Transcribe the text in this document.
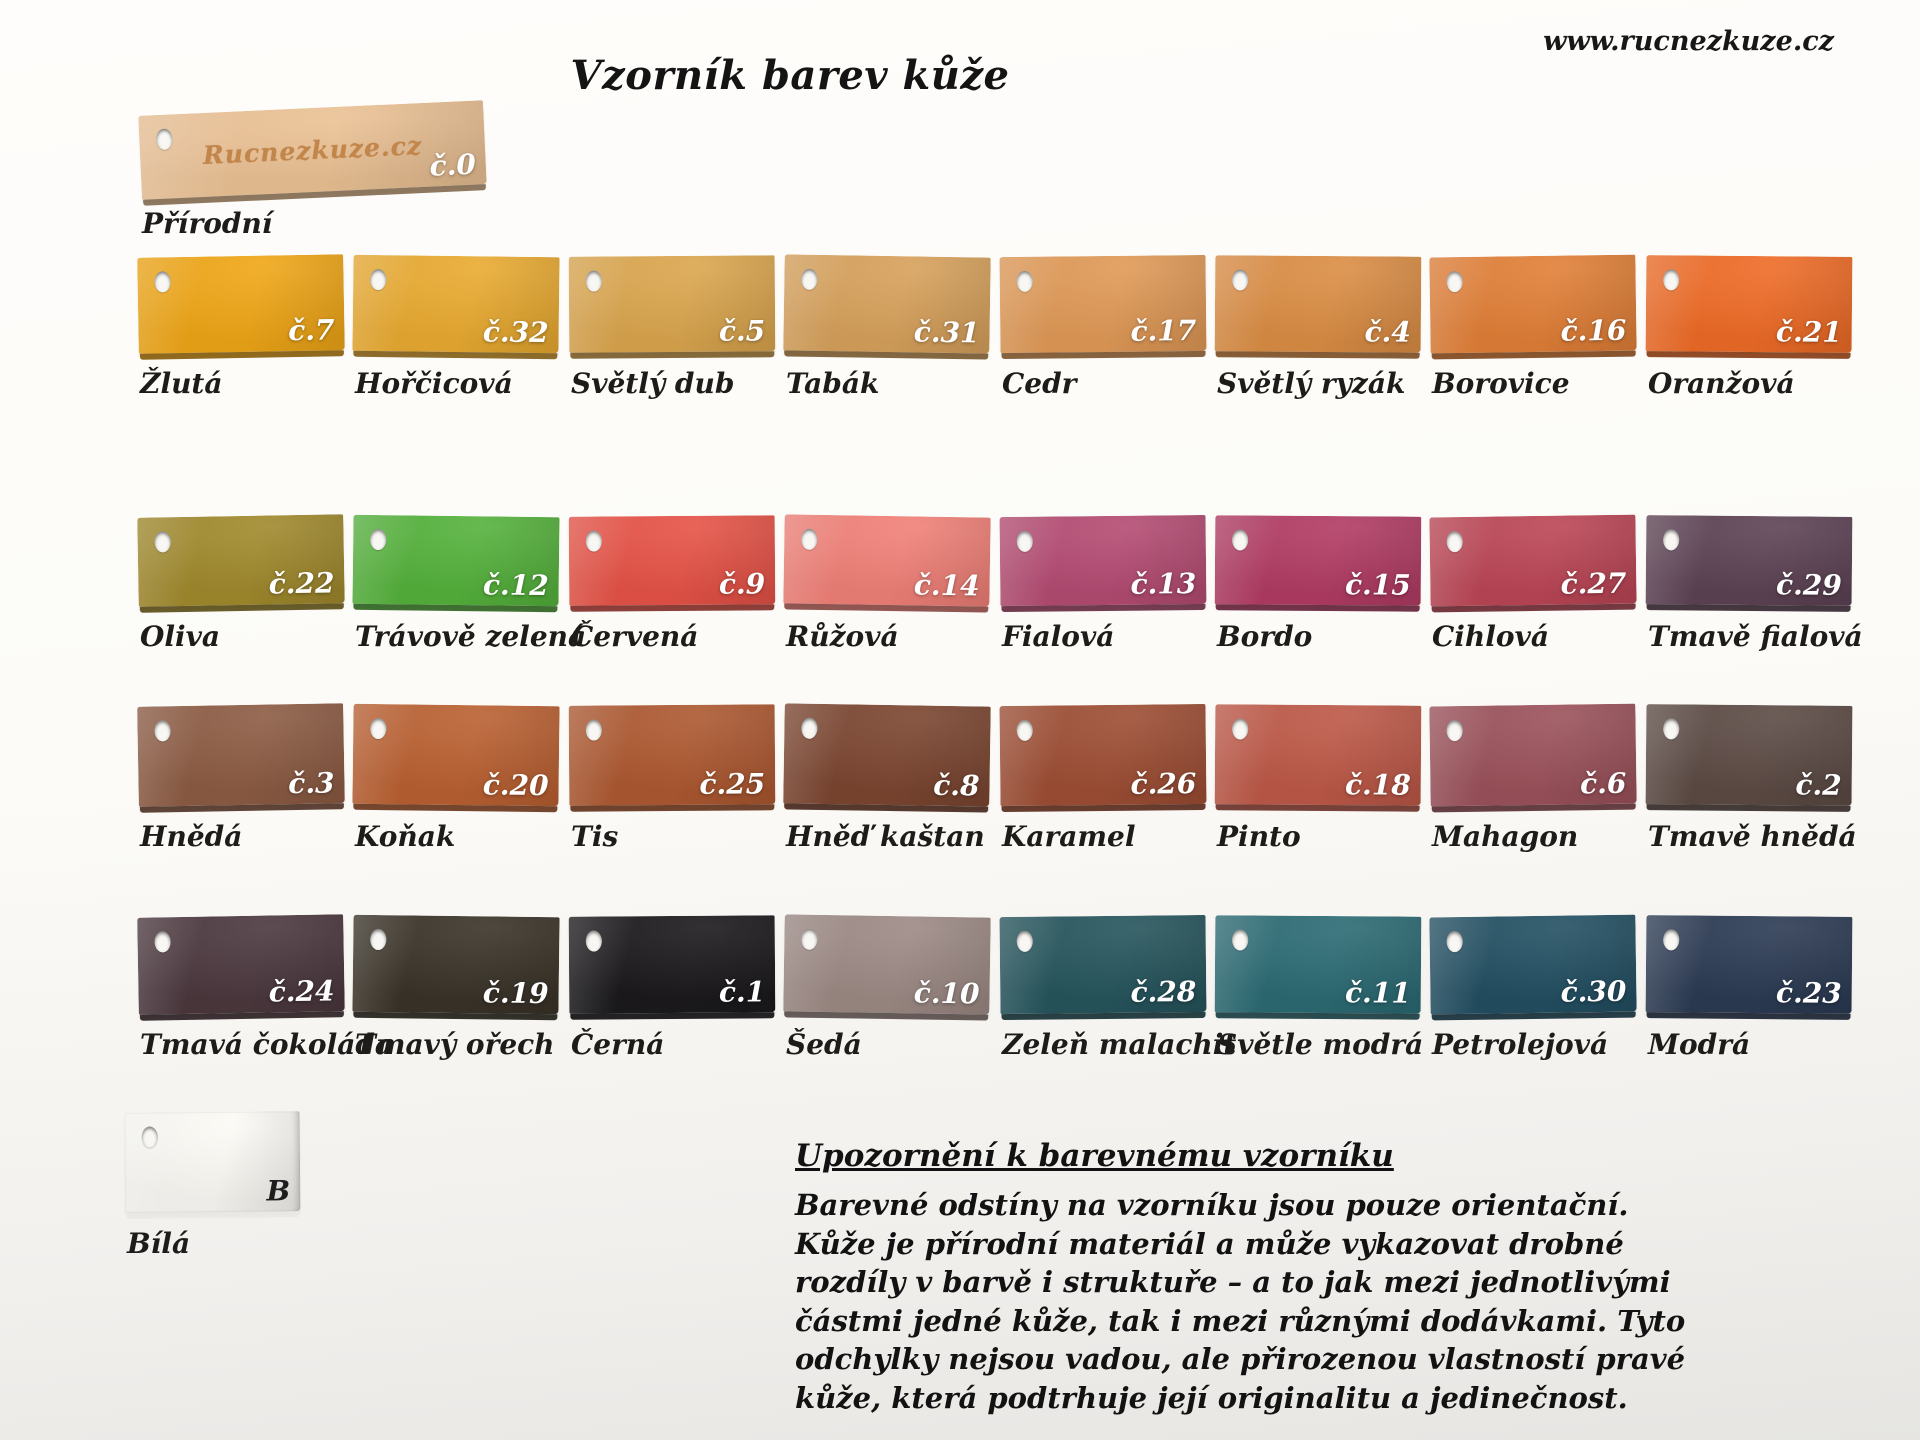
Vzorník barev kůže
www.rucnezkuze.cz
Rucnezkuze.cz č.0
Přírodní
č.7
Žlutá
č.32
Hořčicová
č.5
Světlý dub
č.31
Tabák
č.17
Cedr
č.4
Světlý ryzák
č.16
Borovice
č.21
Oranžová
č.22
Oliva
č.12
Trávově zelená
č.9
Červená
č.14
Růžová
č.13
Fialová
č.15
Bordo
č.27
Cihlová
č.29
Tmavě fialová
č.3
Hnědá
č.20
Koňak
č.25
Tis
č.8
Hněď kaštan
č.26
Karamel
č.18
Pinto
č.6
Mahagon
č.2
Tmavě hnědá
č.24
Tmavá čokoláda
č.19
Tmavý ořech
č.1
Černá
č.10
Šedá
č.28
Zeleň malachit
č.11
Světle modrá
č.30
Petrolejová
č.23
Modrá
B
Bílá
Upozornění k barevnému vzorníku
Barevné odstíny na vzorníku jsou pouze orientační.
Kůže je přírodní materiál a může vykazovat drobné
rozdíly v barvě i struktuře – a to jak mezi jednotlivými
částmi jedné kůže, tak i mezi různými dodávkami. Tyto
odchylky nejsou vadou, ale přirozenou vlastností pravé
kůže, která podtrhuje její originalitu a jedinečnost.
